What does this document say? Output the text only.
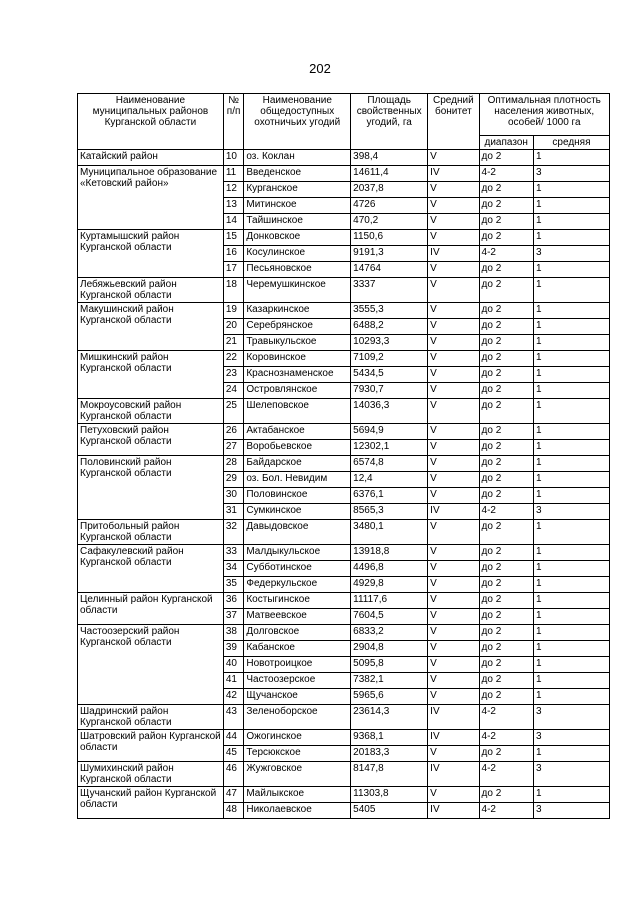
202
Наименование муниципальных районов Курганской области	№ п/п	Наименование общедоступных охотничьих угодий	Площадь свойственных угодий, га	Средний бонитет	Оптимальная плотность населения животных, особей/ 1000 га	
					диапазон	средняя
Катайский район	10	оз. Коклан	398,4	V	до 2	1
Муниципальное образование «Кетовский район»	11	Введенское	14611,4	IV	4-2	3
	12	Курганское	2037,8	V	до 2	1
	13	Митинское	4726	V	до 2	1
	14	Тайшинское	470,2	V	до 2	1
Куртамышский район Курганской области	15	Донковское	1150,6	V	до 2	1
	16	Косулинское	9191,3	IV	4-2	3
	17	Песьяновское	14764	V	до 2	1
Лебяжьевский район Курганской области	18	Черемушкинское	3337	V	до 2	1
Макушинский район Курганской области	19	Казаркинское	3555,3	V	до 2	1
	20	Серебрянское	6488,2	V	до 2	1
	21	Травыкульское	10293,3	V	до 2	1
Мишкинский район Курганской области	22	Коровинское	7109,2	V	до 2	1
	23	Краснознаменское	5434,5	V	до 2	1
	24	Островлянское	7930,7	V	до 2	1
Мокроусовский район Курганской области	25	Шелеповское	14036,3	V	до 2	1
Петуховский район Курганской области	26	Актабанское	5694,9	V	до 2	1
	27	Воробьевское	12302,1	V	до 2	1
Половинский район Курганской области	28	Байдарское	6574,8	V	до 2	1
	29	оз. Бол. Невидим	12,4	V	до 2	1
	30	Половинское	6376,1	V	до 2	1
	31	Сумкинское	8565,3	IV	4-2	3
Притобольный район Курганской области	32	Давыдовское	3480,1	V	до 2	1
Сафакулевский район Курганской области	33	Малдыкульское	13918,8	V	до 2	1
	34	Субботинское	4496,8	V	до 2	1
	35	Федеркульское	4929,8	V	до 2	1
Целинный район Курганской области	36	Костыгинское	11117,6	V	до 2	1
	37	Матвеевское	7604,5	V	до 2	1
Частоозерский район Курганской области	38	Долговское	6833,2	V	до 2	1
	39	Кабанское	2904,8	V	до 2	1
	40	Новотроицкое	5095,8	V	до 2	1
	41	Частоозерское	7382,1	V	до 2	1
	42	Щучанское	5965,6	V	до 2	1
Шадринский район Курганской области	43	Зеленоборское	23614,3	IV	4-2	3
Шатровский район Курганской области	44	Ожогинское	9368,1	IV	4-2	3
	45	Терсюкское	20183,3	V	до 2	1
Шумихинский район Курганской области	46	Жужговское	8147,8	IV	4-2	3
Щучанский район Курганской области	47	Майлыкское	11303,8	V	до 2	1
	48	Николаевское	5405	IV	4-2	3
